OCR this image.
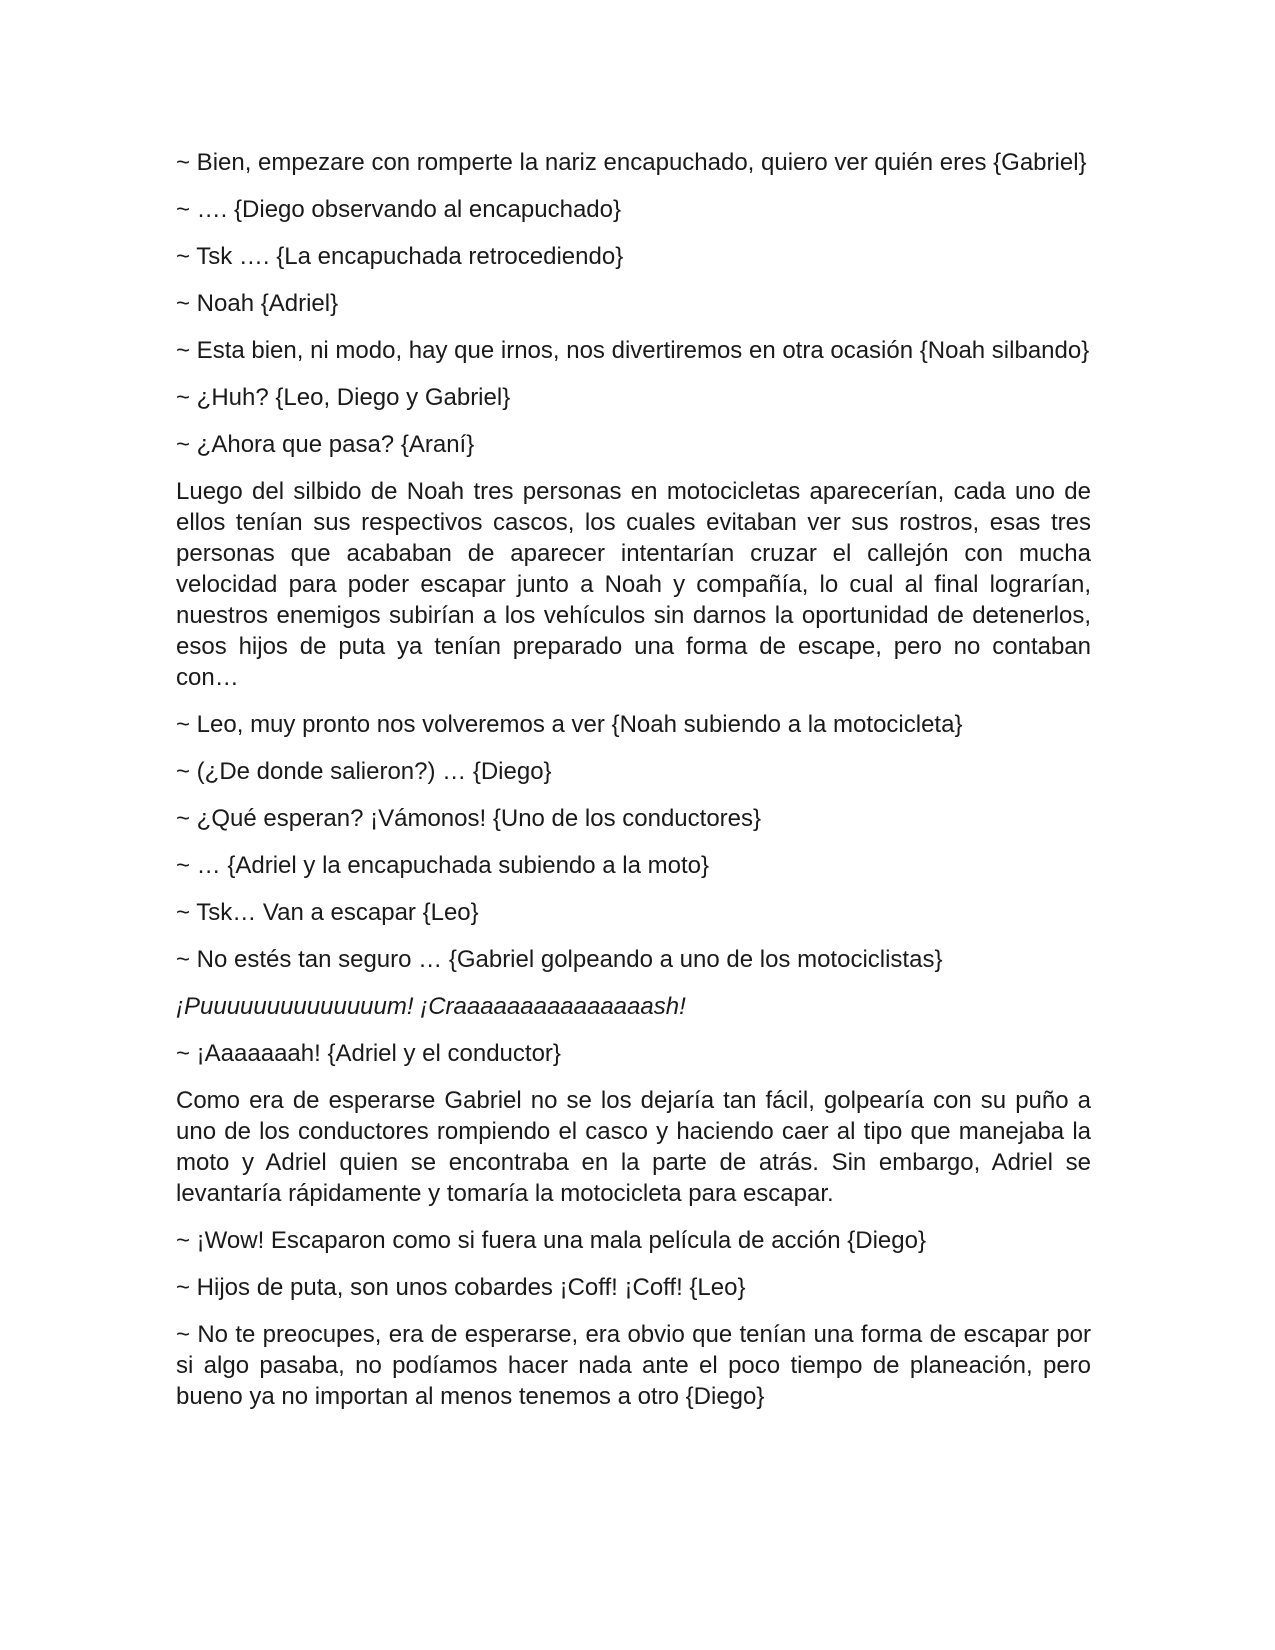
~ Bien, empezare con romperte la nariz encapuchado, quiero ver quién eres {Gabriel}

~ …. {Diego observando al encapuchado}

~ Tsk …. {La encapuchada retrocediendo}

~ Noah {Adriel}

~ Esta bien, ni modo, hay que irnos, nos divertiremos en otra ocasión {Noah silbando}

~ ¿Huh? {Leo, Diego y Gabriel}

~ ¿Ahora que pasa? {Araní}

Luego del silbido de Noah tres personas en motocicletas aparecerían, cada uno de ellos tenían sus respectivos cascos, los cuales evitaban ver sus rostros, esas tres personas que acababan de aparecer intentarían cruzar el callejón con mucha velocidad para poder escapar junto a Noah y compañía, lo cual al final lograrían, nuestros enemigos subirían a los vehículos sin darnos la oportunidad de detenerlos, esos hijos de puta ya tenían preparado una forma de escape, pero no contaban con…

~ Leo, muy pronto nos volveremos a ver {Noah subiendo a la motocicleta}

~ (¿De donde salieron?) … {Diego}

~ ¿Qué esperan? ¡Vámonos! {Uno de los conductores}

~ … {Adriel y la encapuchada subiendo a la moto}

~ Tsk… Van a escapar {Leo}

~ No estés tan seguro … {Gabriel golpeando a uno de los motociclistas}

¡Puuuuuuuuuuuuuum! ¡Craaaaaaaaaaaaaaash!

~ ¡Aaaaaaah! {Adriel y el conductor}

Como era de esperarse Gabriel no se los dejaría tan fácil, golpearía con su puño a uno de los conductores rompiendo el casco y haciendo caer al tipo que manejaba la moto y Adriel quien se encontraba en la parte de atrás. Sin embargo, Adriel se levantaría rápidamente y tomaría la motocicleta para escapar.

~ ¡Wow! Escaparon como si fuera una mala película de acción {Diego}

~ Hijos de puta, son unos cobardes ¡Coff! ¡Coff! {Leo}

~ No te preocupes, era de esperarse, era obvio que tenían una forma de escapar por si algo pasaba, no podíamos hacer nada ante el poco tiempo de planeación, pero bueno ya no importan al menos tenemos a otro {Diego}
